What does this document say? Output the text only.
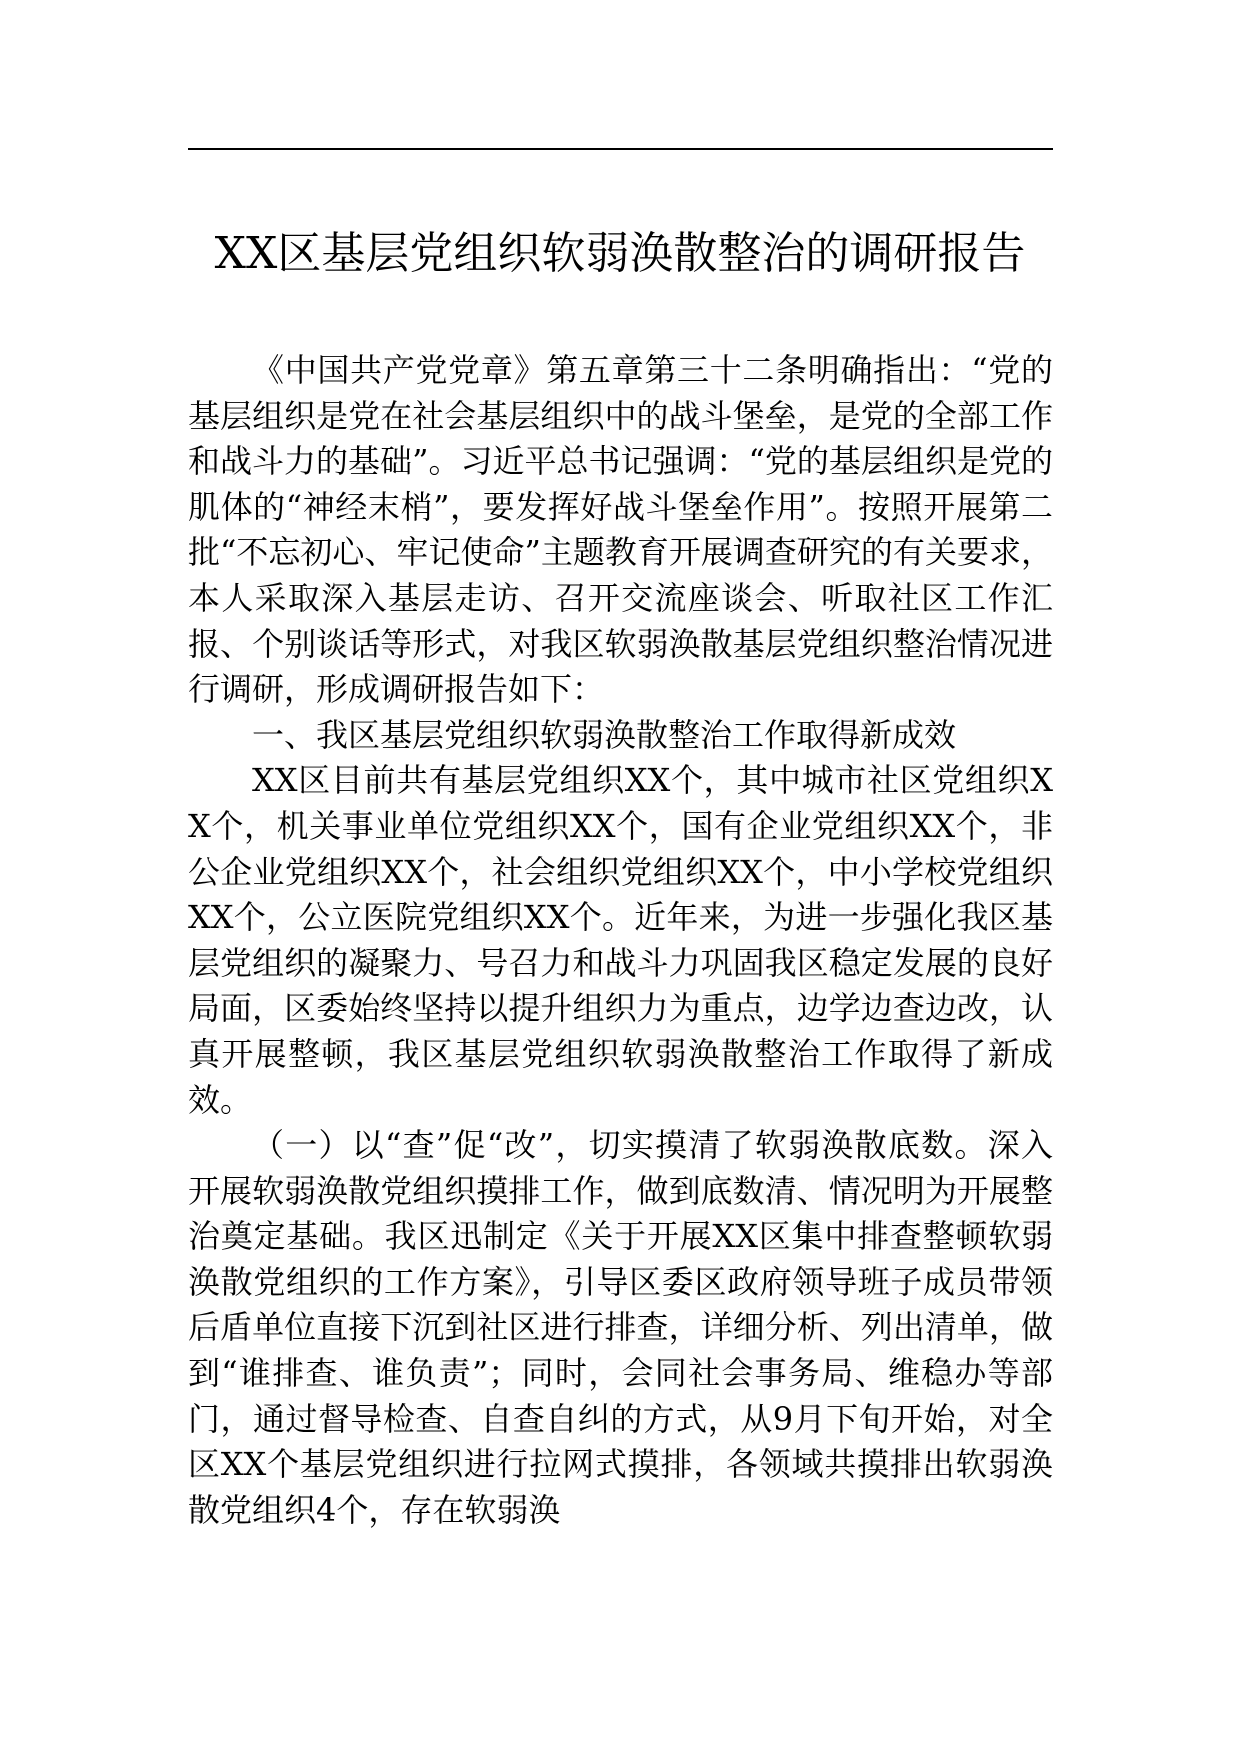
XX区基层党组织软弱涣散整治的调研报告

《中国共产党党章》第五章第三十二条明确指出：“党的基层组织是党在社会基层组织中的战斗堡垒，是党的全部工作和战斗力的基础”。习近平总书记强调：“党的基层组织是党的肌体的“神经末梢”，要发挥好战斗堡垒作用”。按照开展第二批“不忘初心、牢记使命”主题教育开展调查研究的有关要求，本人采取深入基层走访、召开交流座谈会、听取社区工作汇报、个别谈话等形式，对我区软弱涣散基层党组织整治情况进行调研，形成调研报告如下：

一、我区基层党组织软弱涣散整治工作取得新成效

XX区目前共有基层党组织XX个，其中城市社区党组织XX个，机关事业单位党组织XX个，国有企业党组织XX个，非公企业党组织XX个，社会组织党组织XX个，中小学校党组织XX个，公立医院党组织XX个。近年来，为进一步强化我区基层党组织的凝聚力、号召力和战斗力巩固我区稳定发展的良好局面，区委始终坚持以提升组织力为重点，边学边查边改，认真开展整顿，我区基层党组织软弱涣散整治工作取得了新成效。

（一）以“查”促“改”，切实摸清了软弱涣散底数。深入开展软弱涣散党组织摸排工作，做到底数清、情况明为开展整治奠定基础。我区迅制定《关于开展XX区集中排查整顿软弱涣散党组织的工作方案》，引导区委区政府领导班子成员带领后盾单位直接下沉到社区进行排查，详细分析、列出清单，做到“谁排查、谁负责”；同时，会同社会事务局、维稳办等部门，通过督导检查、自查自纠的方式，从9月下旬开始，对全区XX个基层党组织进行拉网式摸排，各领域共摸排出软弱涣散党组织4个，存在软弱涣
